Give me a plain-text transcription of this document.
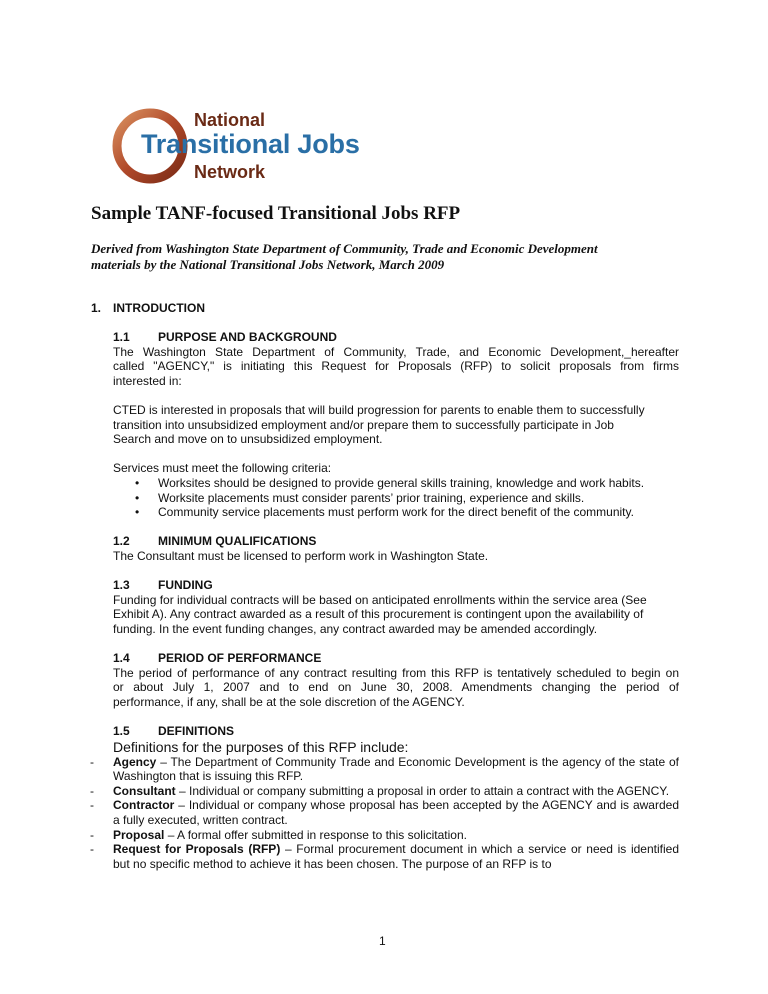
National
Transitional Jobs
Network
Sample TANF-focused Transitional Jobs RFP
Derived from Washington State Department of Community, Trade and Economic Development
materials by the National Transitional Jobs Network, March 2009
1. INTRODUCTION
1.1 PURPOSE AND BACKGROUND
The Washington State Department of Community, Trade, and Economic Development,_hereafter
called "AGENCY," is initiating this Request for Proposals (RFP) to solicit proposals from firms
interested in:
CTED is interested in proposals that will build progression for parents to enable them to successfully
transition into unsubsidized employment and/or prepare them to successfully participate in Job
Search and move on to unsubsidized employment.
Services must meet the following criteria:
• Worksites should be designed to provide general skills training, knowledge and work habits.
• Worksite placements must consider parents’ prior training, experience and skills.
• Community service placements must perform work for the direct benefit of the community.
1.2 MINIMUM QUALIFICATIONS
The Consultant must be licensed to perform work in Washington State.
1.3 FUNDING
Funding for individual contracts will be based on anticipated enrollments within the service area (See
Exhibit A). Any contract awarded as a result of this procurement is contingent upon the availability of
funding. In the event funding changes, any contract awarded may be amended accordingly.
1.4 PERIOD OF PERFORMANCE
The period of performance of any contract resulting from this RFP is tentatively scheduled to begin on
or about July 1, 2007 and to end on June 30, 2008. Amendments changing the period of
performance, if any, shall be at the sole discretion of the AGENCY.
1.5 DEFINITIONS
Definitions for the purposes of this RFP include:
- Agency – The Department of Community Trade and Economic Development is the agency of the state of Washington that is issuing this RFP.
- Consultant – Individual or company submitting a proposal in order to attain a contract with the AGENCY.
- Contractor – Individual or company whose proposal has been accepted by the AGENCY and is awarded a fully executed, written contract.
- Proposal – A formal offer submitted in response to this solicitation.
- Request for Proposals (RFP) – Formal procurement document in which a service or need is identified but no specific method to achieve it has been chosen. The purpose of an RFP is to
1
